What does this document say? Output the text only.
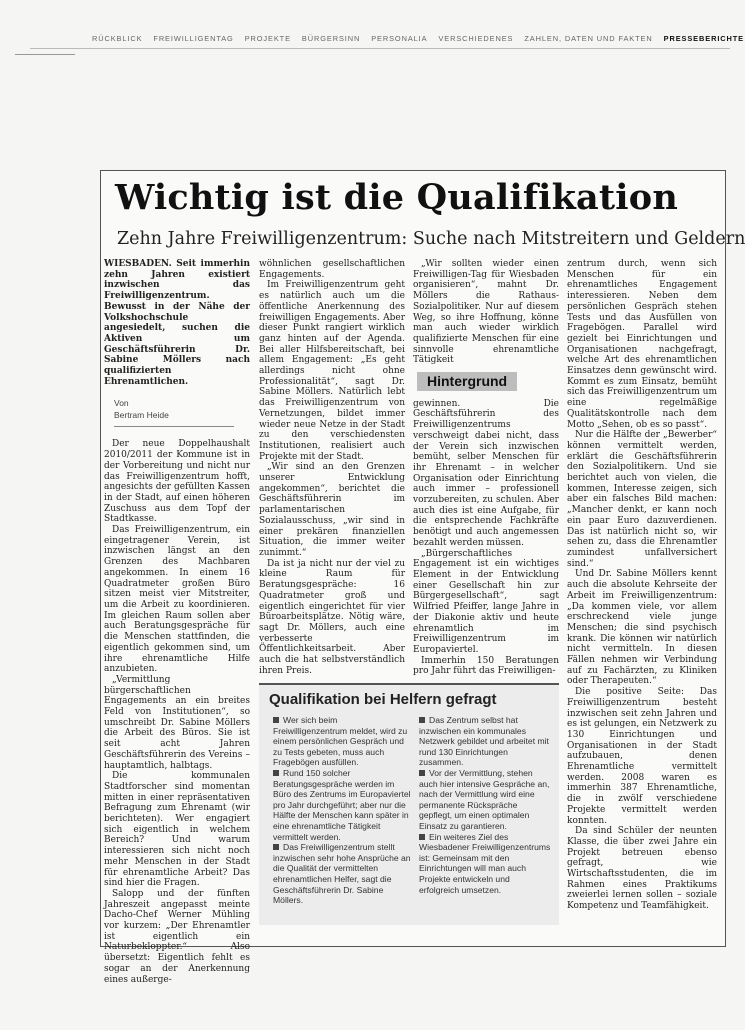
RÜCKBLICK FREIWILLIGENTAG PROJEKTE BÜRGERSINN PERSONALIA VERSCHIEDENES ZAHLEN, DATEN UND FAKTEN PRESSEBERICHTE
Wichtig ist die Qualifikation
Zehn Jahre Freiwilligenzentrum: Suche nach Mitstreitern und Geldern

WIESBADEN. Seit immerhin zehn Jahren existiert inzwischen das Freiwilligenzentrum. Bewusst in der Nähe der Volkshochschule angesiedelt, suchen die Aktiven um Geschäftsführerin Dr. Sabine Möllers nach qualifizierten Ehrenamtlichen.

Von
Bertram Heide

Der neue Doppelhaushalt 2010/2011 der Kommune ist in der Vorbereitung und nicht nur das Freiwilligenzentrum hofft, angesichts der gefüllten Kassen in der Stadt, auf einen höheren Zuschuss aus dem Topf der Stadtkasse.

Das Freiwilligenzentrum, ein eingetragener Verein, ist inzwischen längst an den Grenzen des Machbaren angekommen. In einem 16 Quadratmeter großen Büro sitzen meist vier Mitstreiter, um die Arbeit zu koordinieren. Im gleichen Raum sollen aber auch Beratungsgespräche für die Menschen stattfinden, die eigentlich gekommen sind, um ihre ehrenamtliche Hilfe anzubieten.

„Vermittlung bürgerschaftlichen Engagements an ein breites Feld von Institutionen“, so umschreibt Dr. Sabine Möllers die Arbeit des Büros. Sie ist seit acht Jahren Geschäftsführerin des Vereins – hauptamtlich, halbtags.

Die kommunalen Stadtforscher sind momentan mitten in einer repräsentativen Befragung zum Ehrenamt (wir berichteten). Wer engagiert sich eigentlich in welchem Bereich? Und warum interessieren sich nicht noch mehr Menschen in der Stadt für ehrenamtliche Arbeit? Das sind hier die Fragen.

Salopp und der fünften Jahreszeit angepasst meinte Dacho-Chef Werner Mühling vor kurzem: „Der Ehrenamtler ist eigentlich ein Naturbekloppter.“ Also übersetzt: Eigentlich fehlt es sogar an der Anerkennung eines außerge-

wöhnlichen gesellschaftlichen Engagements.

Im Freiwilligenzentrum geht es natürlich auch um die öffentliche Anerkennung des freiwilligen Engagements. Aber dieser Punkt rangiert wirklich ganz hinten auf der Agenda. Bei aller Hilfsbereitschaft, bei allem Engagement: „Es geht allerdings nicht ohne Professionalität“, sagt Dr. Sabine Möllers. Natürlich lebt das Freiwilligenzentrum von Vernetzungen, bildet immer wieder neue Netze in der Stadt zu den verschiedensten Institutionen, realisiert auch Projekte mit der Stadt.

„Wir sind an den Grenzen unserer Entwicklung angekommen“, berichtet die Geschäftsführerin im parlamentarischen Sozialausschuss, „wir sind in einer prekären finanziellen Situation, die immer weiter zunimmt.“

Da ist ja nicht nur der viel zu kleine Raum für Beratungsgespräche: 16 Quadratmeter groß und eigentlich eingerichtet für vier Büroarbeitsplätze. Nötig wäre, sagt Dr. Möllers, auch eine verbesserte Öffentlichkeitsarbeit. Aber auch die hat selbstverständlich ihren Preis.

„Wir sollten wieder einen Freiwilligen-Tag für Wiesbaden organisieren“, mahnt Dr. Möllers die Rathaus-Sozialpolitiker. Nur auf diesem Weg, so ihre Hoffnung, könne man auch wieder wirklich qualifizierte Menschen für eine sinnvolle ehrenamtliche Tätigkeit

Hintergrund

gewinnen. Die Geschäftsführerin des Freiwilligenzentrums verschweigt dabei nicht, dass der Verein sich inzwischen bemüht, selber Menschen für ihr Ehrenamt – in welcher Organisation oder Einrichtung auch immer – professionell vorzubereiten, zu schulen. Aber auch dies ist eine Aufgabe, für die entsprechende Fachkräfte benötigt und auch angemessen bezahlt werden müssen.

„Bürgerschaftliches Engagement ist ein wichtiges Element in der Entwicklung einer Gesellschaft hin zur Bürgergesellschaft“, sagt Wilfried Pfeiffer, lange Jahre in der Diakonie aktiv und heute ehrenamtlich im Freiwilligenzentrum im Europaviertel.

Immerhin 150 Beratungen pro Jahr führt das Freiwilligen-

zentrum durch, wenn sich Menschen für ein ehrenamtliches Engagement interessieren. Neben dem persönlichen Gespräch stehen Tests und das Ausfüllen von Fragebögen. Parallel wird gezielt bei Einrichtungen und Organisationen nachgefragt, welche Art des ehrenamtlichen Einsatzes denn gewünscht wird. Kommt es zum Einsatz, bemüht sich das Freiwilligenzentrum um eine regelmäßige Qualitätskontrolle nach dem Motto „Sehen, ob es so passt“.

Nur die Hälfte der „Bewerber“ können vermittelt werden, erklärt die Geschäftsführerin den Sozialpolitikern. Und sie berichtet auch von vielen, die kommen, Interesse zeigen, sich aber ein falsches Bild machen: „Mancher denkt, er kann noch ein paar Euro dazuverdienen. Das ist natürlich nicht so, wir sehen zu, dass die Ehrenamtler zumindest unfallversichert sind.“

Und Dr. Sabine Möllers kennt auch die absolute Kehrseite der Arbeit im Freiwilligenzentrum: „Da kommen viele, vor allem erschreckend viele junge Menschen; die sind psychisch krank. Die können wir natürlich nicht vermitteln. In diesen Fällen nehmen wir Verbindung auf zu Fachärzten, zu Kliniken oder Therapeuten.“

Die positive Seite: Das Freiwilligenzentrum besteht inzwischen seit zehn Jahren und es ist gelungen, ein Netzwerk zu 130 Einrichtungen und Organisationen in der Stadt aufzubauen, denen Ehrenamtliche vermittelt werden. 2008 waren es immerhin 387 Ehrenamtliche, die in zwölf verschiedene Projekte vermittelt werden konnten.

Da sind Schüler der neunten Klasse, die über zwei Jahre ein Projekt betreuen ebenso gefragt, wie Wirtschaftsstudenten, die im Rahmen eines Praktikums zweierlei lernen sollen – soziale Kompetenz und Teamfähigkeit.

Qualifikation bei Helfern gefragt

Wer sich beim Freiwilligenzentrum meldet, wird zu einem persönlichen Gespräch und zu Tests gebeten, muss auch Fragebögen ausfüllen.

Rund 150 solcher Beratungsgespräche werden im Büro des Zentrums im Europaviertel pro Jahr durchgeführt; aber nur die Hälfte der Menschen kann später in eine ehrenamtliche Tätigkeit vermittelt werden.

Das Freiwilligenzentrum stellt inzwischen sehr hohe Ansprüche an die Qualität der vermittelten ehrenamtlichen Helfer, sagt die Geschäftsführerin Dr. Sabine Möllers.

Das Zentrum selbst hat inzwischen ein kommunales Netzwerk gebildet und arbeitet mit rund 130 Einrichtungen zusammen.

Vor der Vermittlung, stehen auch hier intensive Gespräche an, nach der Vermittlung wird eine permanente Rückspräche gepflegt, um einen optimalen Einsatz zu garantieren.

Ein weiteres Ziel des Wiesbadener Freiwilligenzentrums ist: Gemeinsam mit den Einrichtungen will man auch Projekte entwickeln und erfolgreich umsetzen.
